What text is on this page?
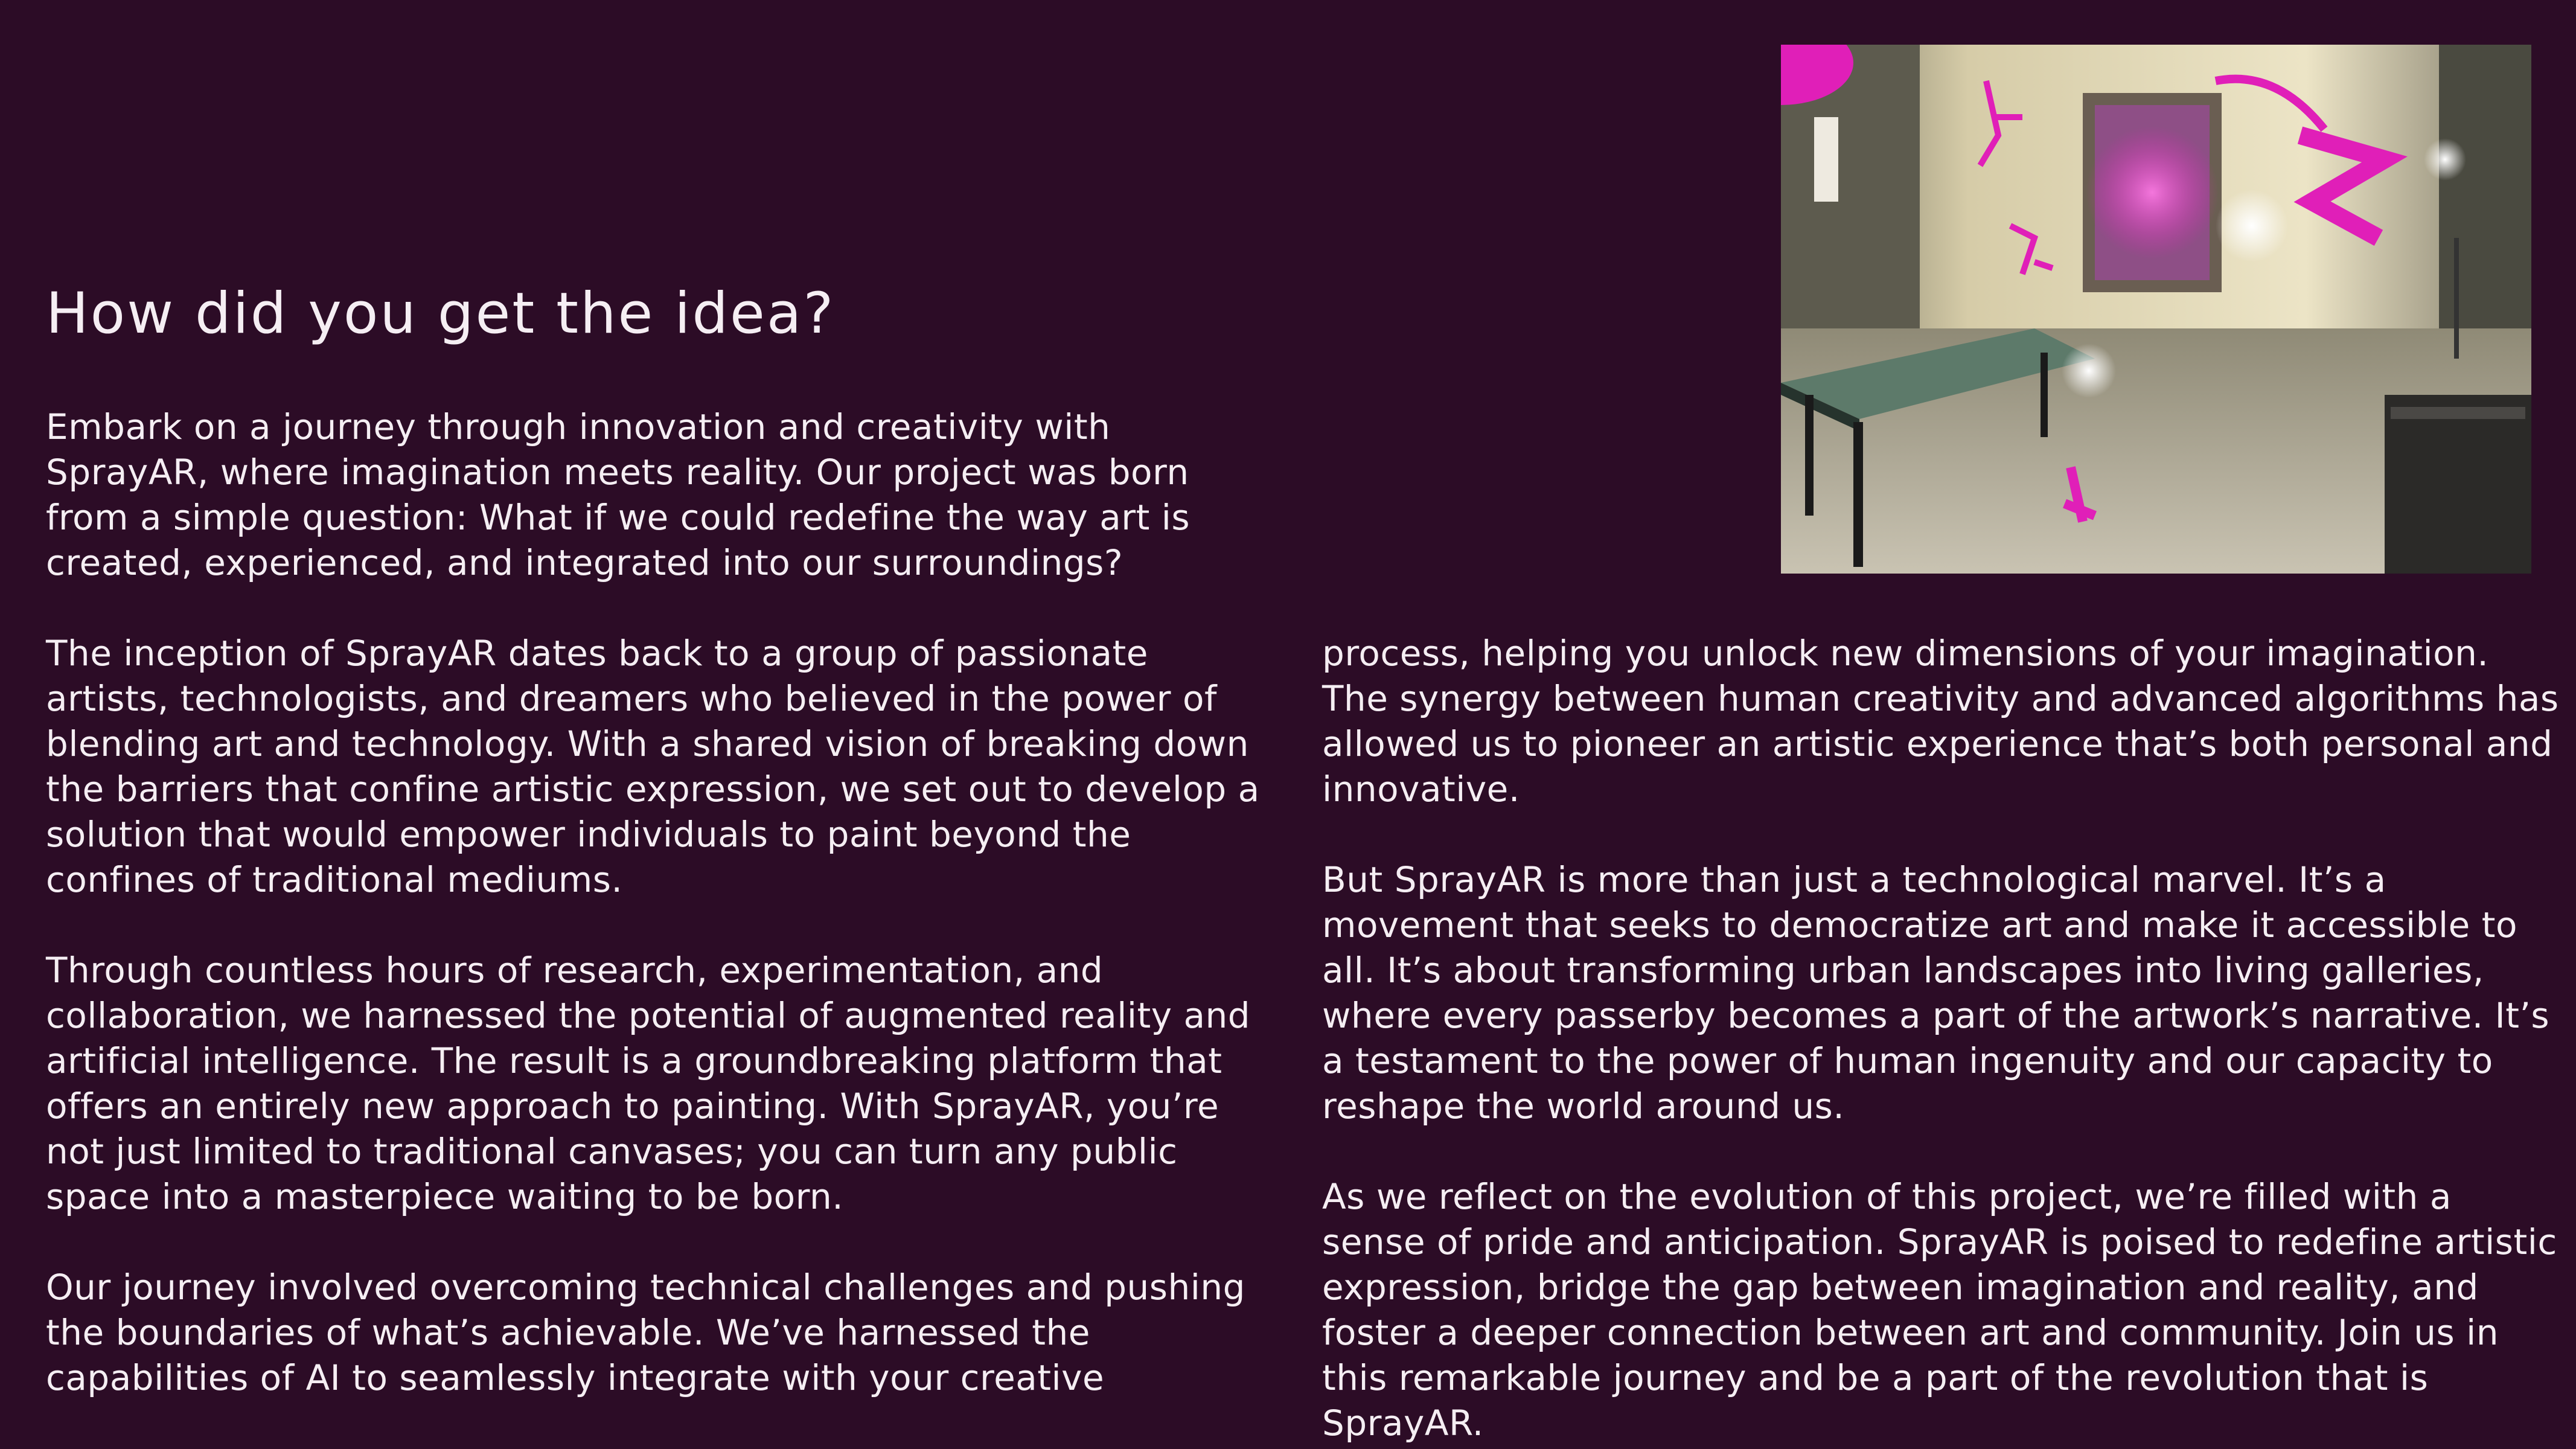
How did you get the idea?

Embark on a journey through innovation and creativity with SprayAR, where imagination meets reality. Our project was born from a simple question: What if we could redefine the way art is created, experienced, and integrated into our surroundings?

The inception of SprayAR dates back to a group of passionate artists, technologists, and dreamers who believed in the power of blending art and technology. With a shared vision of breaking down the barriers that confine artistic expression, we set out to develop a solution that would empower individuals to paint beyond the confines of traditional mediums.

Through countless hours of research, experimentation, and collaboration, we harnessed the potential of augmented reality and artificial intelligence. The result is a groundbreaking platform that offers an entirely new approach to painting. With SprayAR, you’re not just limited to traditional canvases; you can turn any public space into a masterpiece waiting to be born.

Our journey involved overcoming technical challenges and pushing the boundaries of what’s achievable. We’ve harnessed the capabilities of AI to seamlessly integrate with your creative

process, helping you unlock new dimensions of your imagination. The synergy between human creativity and advanced algorithms has allowed us to pioneer an artistic experience that’s both personal and innovative.

But SprayAR is more than just a technological marvel. It’s a movement that seeks to democratize art and make it accessible to all. It’s about transforming urban landscapes into living galleries, where every passerby becomes a part of the artwork’s narrative. It’s a testament to the power of human ingenuity and our capacity to reshape the world around us.

As we reflect on the evolution of this project, we’re filled with a sense of pride and anticipation. SprayAR is poised to redefine artistic expression, bridge the gap between imagination and reality, and foster a deeper connection between art and community. Join us in this remarkable journey and be a part of the revolution that is SprayAR.
